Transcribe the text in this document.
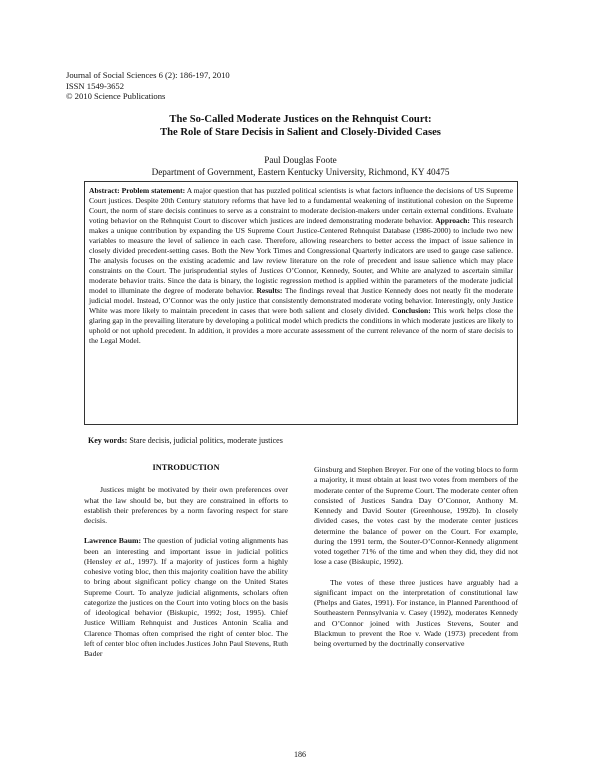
Journal of Social Sciences 6 (2): 186-197, 2010
ISSN 1549-3652
© 2010 Science Publications
The So-Called Moderate Justices on the Rehnquist Court:
The Role of Stare Decisis in Salient and Closely-Divided Cases
Paul Douglas Foote
Department of Government, Eastern Kentucky University, Richmond, KY 40475

Abstract: Problem statement: A major question that has puzzled political scientists is what factors influence the decisions of US Supreme Court justices. Despite 20th Century statutory reforms that have led to a fundamental weakening of institutional cohesion on the Supreme Court, the norm of stare decisis continues to serve as a constraint to moderate decision-makers under certain external conditions. Evaluate voting behavior on the Rehnquist Court to discover which justices are indeed demonstrating moderate behavior. Approach: This research makes a unique contribution by expanding the US Supreme Court Justice-Centered Rehnquist Database (1986-2000) to include two new variables to measure the level of salience in each case. Therefore, allowing researchers to better access the impact of issue salience in closely divided precedent-setting cases. Both the New York Times and Congressional Quarterly indicators are used to gauge case salience. The analysis focuses on the existing academic and law review literature on the role of precedent and issue salience which may place constraints on the Court. The jurisprudential styles of Justices O’Connor, Kennedy, Souter, and White are analyzed to ascertain similar moderate behavior traits. Since the data is binary, the logistic regression method is applied within the parameters of the moderate judicial model to illuminate the degree of moderate behavior. Results: The findings reveal that Justice Kennedy does not neatly fit the moderate judicial model. Instead, O’Connor was the only justice that consistently demonstrated moderate voting behavior. Interestingly, only Justice White was more likely to maintain precedent in cases that were both salient and closely divided. Conclusion: This work helps close the glaring gap in the prevailing literature by developing a political model which predicts the conditions in which moderate justices are likely to uphold or not uphold precedent. In addition, it provides a more accurate assessment of the current relevance of the norm of stare decisis to the Legal Model.

Key words: Stare decisis, judicial politics, moderate justices
INTRODUCTION

Justices might be motivated by their own preferences over what the law should be, but they are constrained in efforts to establish their preferences by a norm favoring respect for stare decisis.

Lawrence Baum: The question of judicial voting alignments has been an interesting and important issue in judicial politics (Hensley et al., 1997). If a majority of justices form a highly cohesive voting bloc, then this majority coalition have the ability to bring about significant policy change on the United States Supreme Court. To analyze judicial alignments, scholars often categorize the justices on the Court into voting blocs on the basis of ideological behavior (Biskupic, 1992; Jost, 1995). Chief Justice William Rehnquist and Justices Antonin Scalia and Clarence Thomas often comprised the right of center bloc. The left of center bloc often includes Justices John Paul Stevens, Ruth Bader

Ginsburg and Stephen Breyer. For one of the voting blocs to form a majority, it must obtain at least two votes from members of the moderate center of the Supreme Court. The moderate center often consisted of Justices Sandra Day O’Connor, Anthony M. Kennedy and David Souter (Greenhouse, 1992b). In closely divided cases, the votes cast by the moderate center justices determine the balance of power on the Court. For example, during the 1991 term, the Souter-O’Connor-Kennedy alignment voted together 71% of the time and when they did, they did not lose a case (Biskupic, 1992).

The votes of these three justices have arguably had a significant impact on the interpretation of constitutional law (Phelps and Gates, 1991). For instance, in Planned Parenthood of Southeastern Pennsylvania v. Casey (1992), moderates Kennedy and O’Connor joined with Justices Stevens, Souter and Blackmun to prevent the Roe v. Wade (1973) precedent from being overturned by the doctrinally conservative

186
